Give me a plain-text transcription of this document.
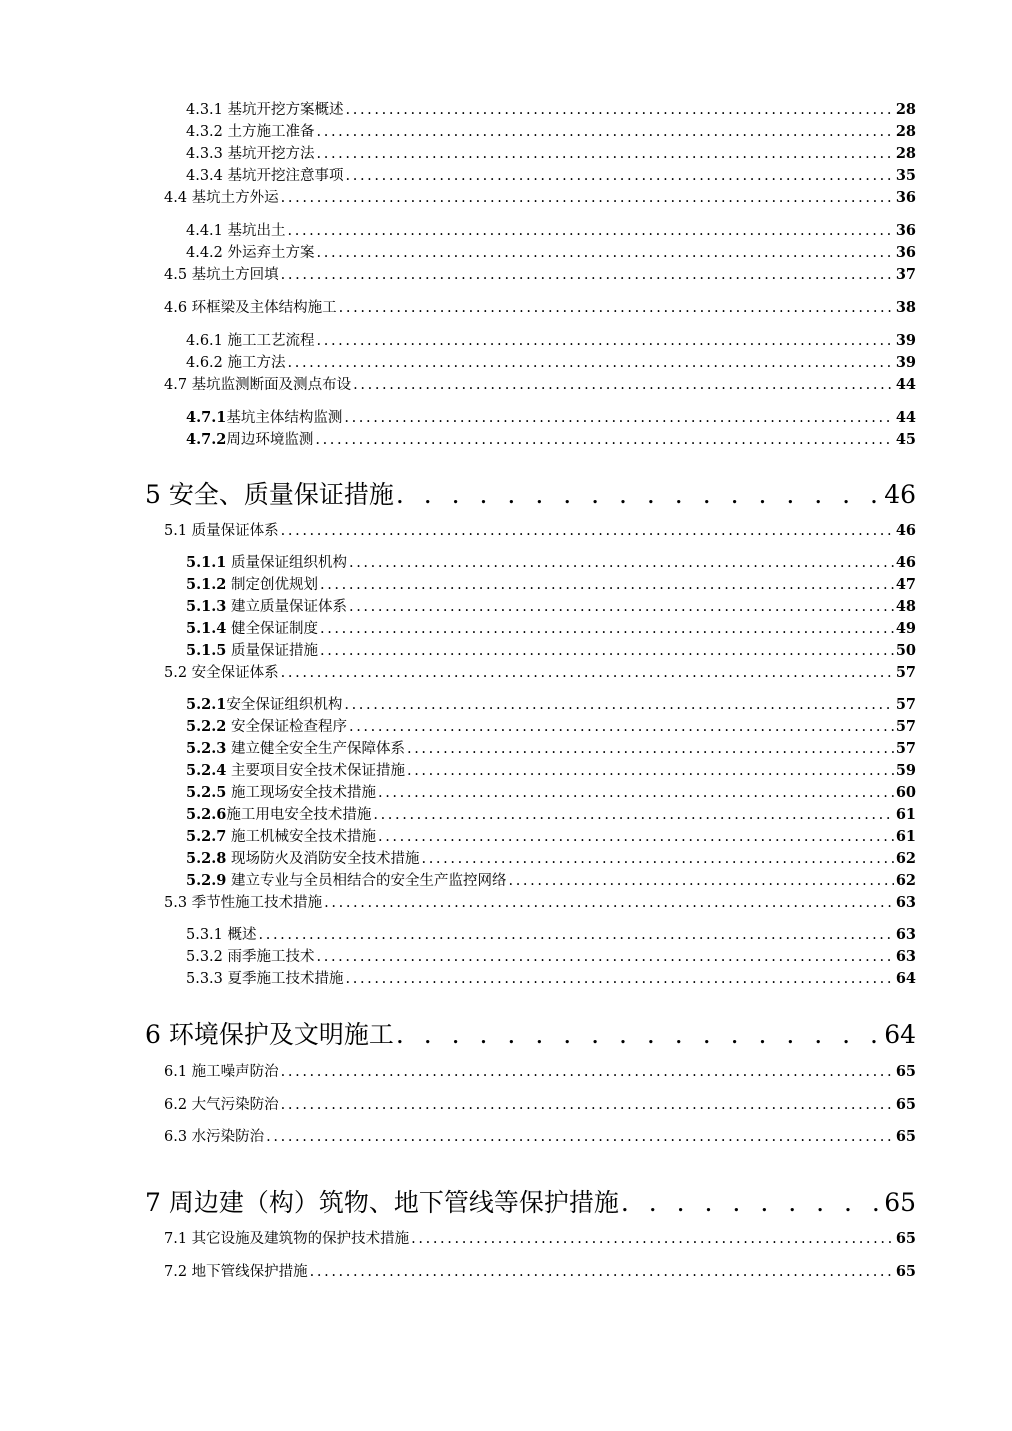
4.3.1 基坑开挖方案概述 . . .	28
4.3.2 土方施工准备 . . .	28
4.3.3 基坑开挖方法 . . .	28
4.3.4 基坑开挖注意事项 . . .	35
4.4 基坑土方外运 . . .	36
4.4.1 基坑出土 . . .	36
4.4.2 外运弃土方案 . . .	36
4.5 基坑土方回填 . . .	37
4.6 环框梁及主体结构施工 . . .	38
4.6.1 施工工艺流程 . . .	39
4.6.2 施工方法 . . .	39
4.7 基坑监测断面及测点布设 . . .	44
4.7.1基坑主体结构监测 . . .	44
4.7.2周边环境监测 . . .	45
5 安全、质量保证措施 . . .	46
5.1 质量保证体系 . . .	46
5.1.1 质量保证组织机构 . . .	46
5.1.2 制定创优规划 . . .	47
5.1.3 建立质量保证体系 . . .	48
5.1.4 健全保证制度 . . .	49
5.1.5 质量保证措施 . . .	50
5.2 安全保证体系 . . .	57
5.2.1安全保证组织机构 . . .	57
5.2.2 安全保证检查程序 . . .	57
5.2.3 建立健全安全生产保障体系 . . .	57
5.2.4 主要项目安全技术保证措施 . . .	59
5.2.5 施工现场安全技术措施 . . .	60
5.2.6施工用电安全技术措施 . . .	61
5.2.7 施工机械安全技术措施 . . .	61
5.2.8 现场防火及消防安全技术措施 . . .	62
5.2.9 建立专业与全员相结合的安全生产监控网络 . . .	62
5.3 季节性施工技术措施 . . .	63
5.3.1 概述 . . .	63
5.3.2 雨季施工技术 . . .	63
5.3.3 夏季施工技术措施 . . .	64
6 环境保护及文明施工 . . .	64
6.1 施工噪声防治 . . .	65
6.2 大气污染防治 . . .	65
6.3 水污染防治 . . .	65
7 周边建（构）筑物、地下管线等保护措施 . . .	65
7.1 其它设施及建筑物的保护技术措施 . . .	65
7.2 地下管线保护措施 . . .	65
